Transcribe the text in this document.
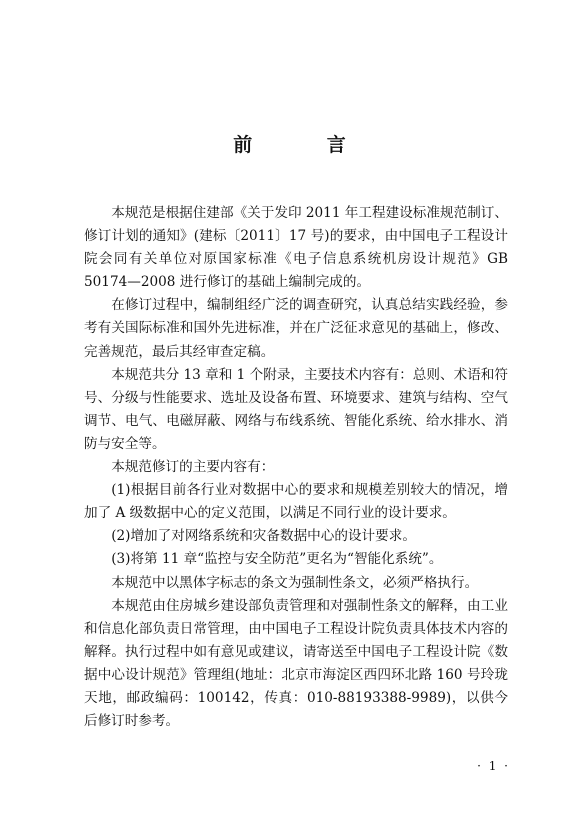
前 言

本规范是根据住建部《关于发印 2011 年工程建设标准规范制订、修订计划的通知》(建标〔2011〕17 号)的要求，由中国电子工程设计院会同有关单位对原国家标准《电子信息系统机房设计规范》GB 50174—2008 进行修订的基础上编制完成的。

在修订过程中，编制组经广泛的调查研究，认真总结实践经验，参考有关国际标准和国外先进标准，并在广泛征求意见的基础上，修改、完善规范，最后其经审查定稿。

本规范共分 13 章和 1 个附录，主要技术内容有：总则、术语和符号、分级与性能要求、选址及设备布置、环境要求、建筑与结构、空气调节、电气、电磁屏蔽、网络与布线系统、智能化系统、给水排水、消防与安全等。

本规范修订的主要内容有：

(1)根据目前各行业对数据中心的要求和规模差别较大的情况，增加了 A 级数据中心的定义范围，以满足不同行业的设计要求。

(2)增加了对网络系统和灾备数据中心的设计要求。

(3)将第 11 章“监控与安全防范”更名为“智能化系统”。

本规范中以黑体字标志的条文为强制性条文，必须严格执行。

本规范由住房城乡建设部负责管理和对强制性条文的解释，由工业和信息化部负责日常管理，由中国电子工程设计院负责具体技术内容的解释。执行过程中如有意见或建议，请寄送至中国电子工程设计院《数据中心设计规范》管理组(地址：北京市海淀区西四环北路 160 号玲珑天地，邮政编码：100142，传真：010-88193388-9989)，以供今后修订时参考。

· 1 ·
